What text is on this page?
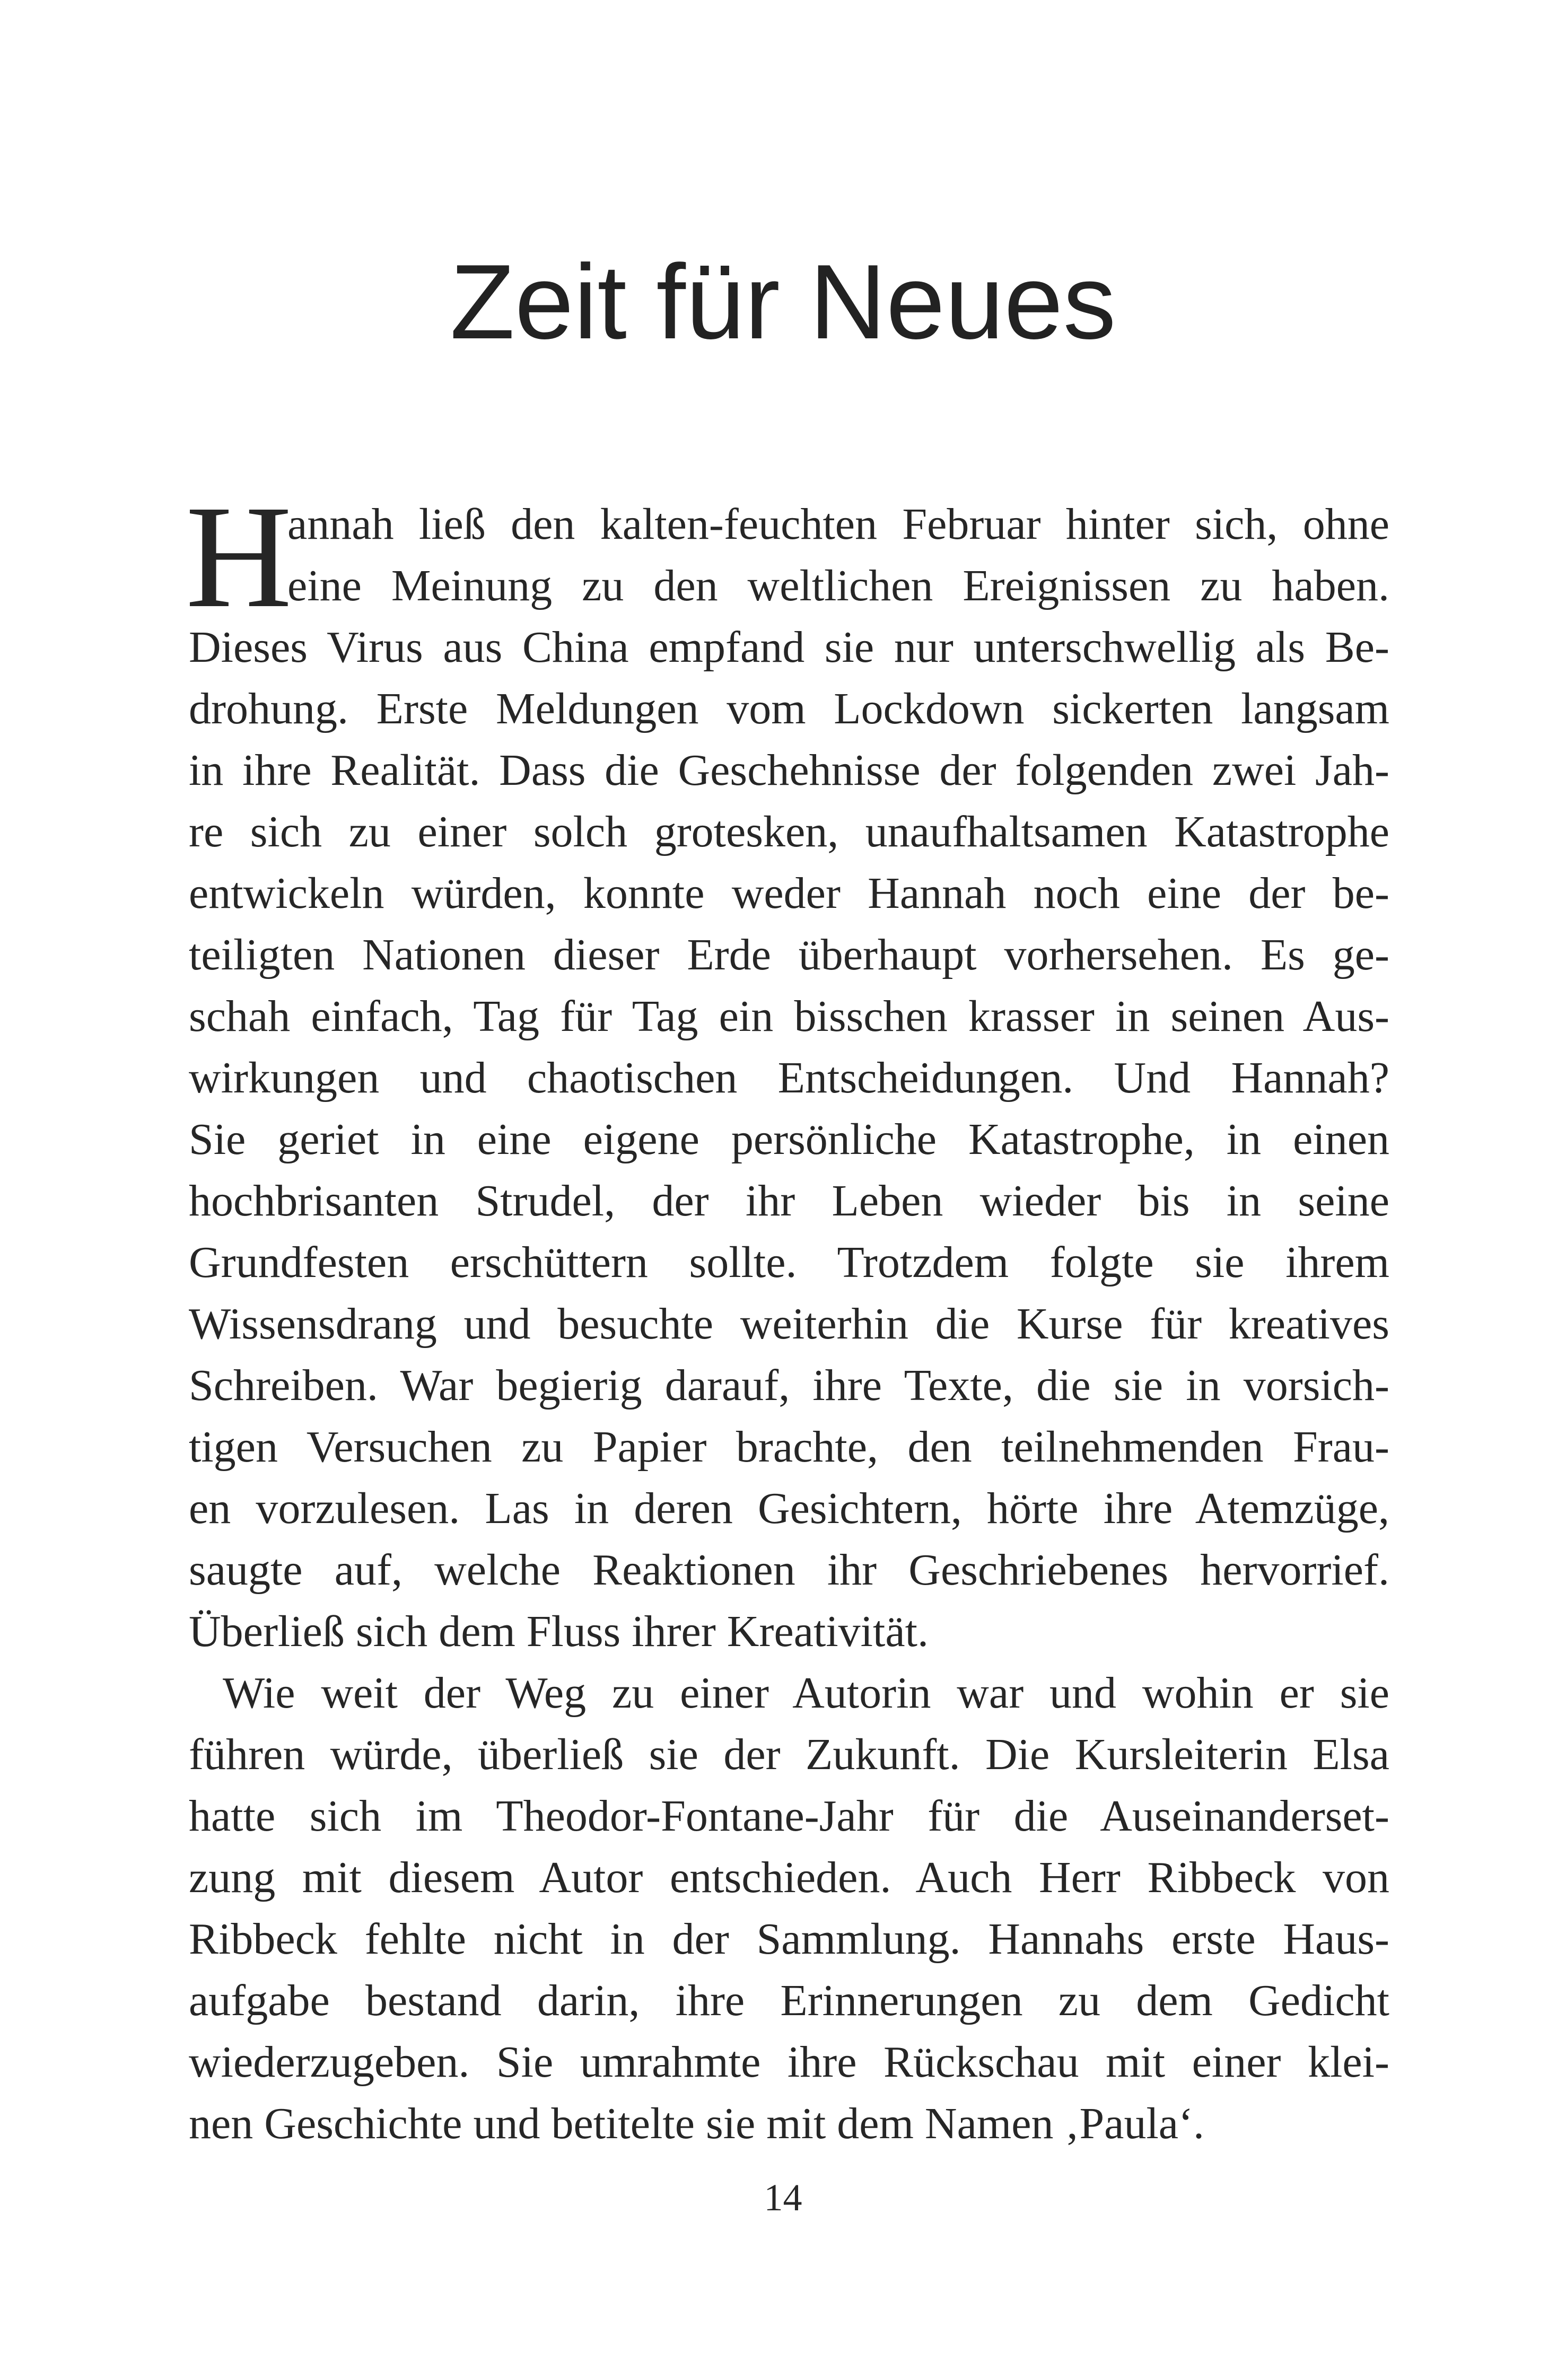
Zeit für Neues
H
annah ließ den kalten-feuchten Februar hinter sich, ohne
eine Meinung zu den weltlichen Ereignissen zu haben.
Dieses Virus aus China empfand sie nur unterschwellig als Be-
drohung. Erste Meldungen vom Lockdown sickerten langsam
in ihre Realität. Dass die Geschehnisse der folgenden zwei Jah-
re sich zu einer solch grotesken, unaufhaltsamen Katastrophe
entwickeln würden, konnte weder Hannah noch eine der be-
teiligten Nationen dieser Erde überhaupt vorhersehen. Es ge-
schah einfach, Tag für Tag ein bisschen krasser in seinen Aus-
wirkungen und chaotischen Entscheidungen. Und Hannah?
Sie geriet in eine eigene persönliche Katastrophe, in einen
hochbrisanten Strudel, der ihr Leben wieder bis in seine
Grundfesten erschüttern sollte. Trotzdem folgte sie ihrem
Wissensdrang und besuchte weiterhin die Kurse für kreatives
Schreiben. War begierig darauf, ihre Texte, die sie in vorsich-
tigen Versuchen zu Papier brachte, den teilnehmenden Frau-
en vorzulesen. Las in deren Gesichtern, hörte ihre Atemzüge,
saugte auf, welche Reaktionen ihr Geschriebenes hervorrief.
Überließ sich dem Fluss ihrer Kreativität.
Wie weit der Weg zu einer Autorin war und wohin er sie
führen würde, überließ sie der Zukunft. Die Kursleiterin Elsa
hatte sich im Theodor-Fontane-Jahr für die Auseinanderset-
zung mit diesem Autor entschieden. Auch Herr Ribbeck von
Ribbeck fehlte nicht in der Sammlung. Hannahs erste Haus-
aufgabe bestand darin, ihre Erinnerungen zu dem Gedicht
wiederzugeben. Sie umrahmte ihre Rückschau mit einer klei-
nen Geschichte und betitelte sie mit dem Namen ‚Paula‘.
14
